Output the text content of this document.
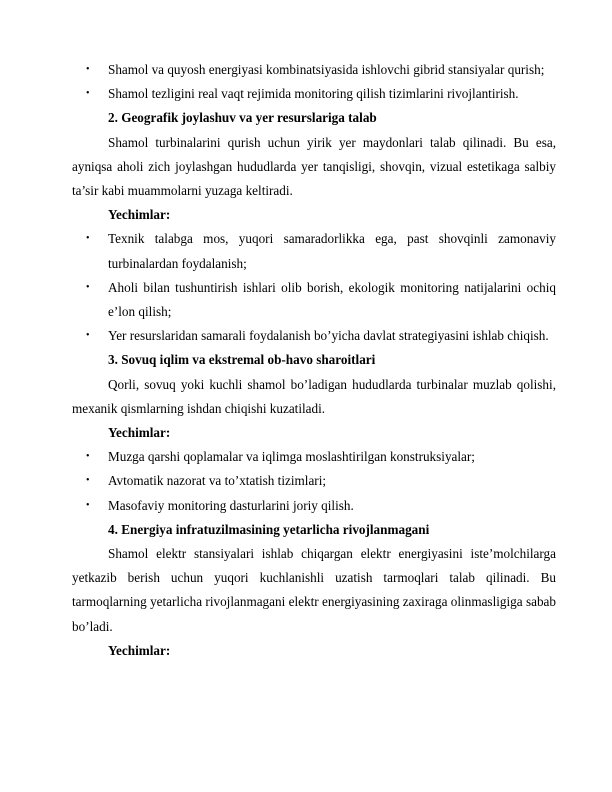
• Shamol va quyosh energiyasi kombinatsiyasida ishlovchi gibrid stansiyalar qurish;
• Shamol tezligini real vaqt rejimida monitoring qilish tizimlarini rivojlantirish.
2. Geografik joylashuv va yer resurslariga talab
Shamol turbinalarini qurish uchun yirik yer maydonlari talab qilinadi. Bu esa, ayniqsa aholi zich joylashgan hududlarda yer tanqisligi, shovqin, vizual estetikaga salbiy ta’sir kabi muammolarni yuzaga keltiradi.
Yechimlar:
• Texnik talabga mos, yuqori samaradorlikka ega, past shovqinli zamonaviy turbinalardan foydalanish;
• Aholi bilan tushuntirish ishlari olib borish, ekologik monitoring natijalarini ochiq e’lon qilish;
• Yer resurslaridan samarali foydalanish bo’yicha davlat strategiyasini ishlab chiqish.
3. Sovuq iqlim va ekstremal ob-havo sharoitlari
Qorli, sovuq yoki kuchli shamol bo’ladigan hududlarda turbinalar muzlab qolishi, mexanik qismlarning ishdan chiqishi kuzatiladi.
Yechimlar:
• Muzga qarshi qoplamalar va iqlimga moslashtirilgan konstruksiyalar;
• Avtomatik nazorat va to’xtatish tizimlari;
• Masofaviy monitoring dasturlarini joriy qilish.
4. Energiya infratuzilmasining yetarlicha rivojlanmagani
Shamol elektr stansiyalari ishlab chiqargan elektr energiyasini iste’molchilarga yetkazib berish uchun yuqori kuchlanishli uzatish tarmoqlari talab qilinadi. Bu tarmoqlarning yetarlicha rivojlanmagani elektr energiyasining zaxiraga olinmasligiga sabab bo’ladi.
Yechimlar:
